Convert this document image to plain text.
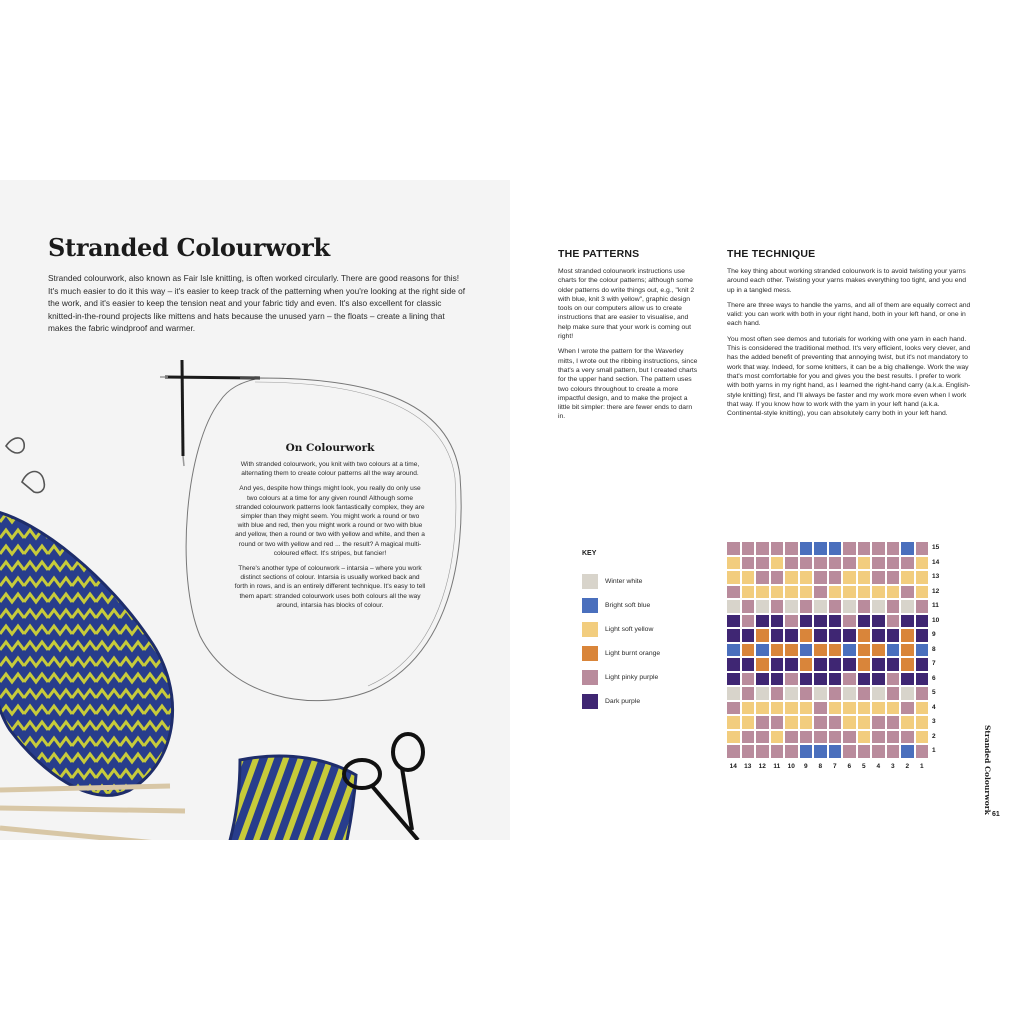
Stranded Colourwork

Stranded colourwork, also known as Fair Isle knitting, is often worked circularly. There are good reasons for this! It's much easier to do it this way – it's easier to keep track of the patterning when you're looking at the right side of the work, and it's easier to keep the tension neat and your fabric tidy and even. It's also excellent for classic knitted-in-the-round projects like mittens and hats because the unused yarn – the floats – create a lining that makes the fabric windproof and warmer.

On Colourwork

With stranded colourwork, you knit with two colours at a time, alternating them to create colour patterns all the way around.

And yes, despite how things might look, you really do only use two colours at a time for any given round! Although some stranded colourwork patterns look fantastically complex, they are simpler than they might seem. You might work a round or two with blue and red, then you might work a round or two with blue and yellow, then a round or two with yellow and white, and then a round or two with yellow and red ... the result? A magical multi-coloured effect. It's stripes, but fancier!

There's another type of colourwork – intarsia – where you work distinct sections of colour. Intarsia is usually worked back and forth in rows, and is an entirely different technique. It's easy to tell them apart: stranded colourwork uses both colours all the way around, intarsia has blocks of colour.

THE PATTERNS

Most stranded colourwork instructions use charts for the colour patterns; although some older patterns do write things out, e.g., "knit 2 with blue, knit 3 with yellow", graphic design tools on our computers allow us to create instructions that are easier to visualise, and help make sure that your work is coming out right!

When I wrote the pattern for the Waverley mitts, I wrote out the ribbing instructions, since that's a very small pattern, but I created charts for the upper hand section. The pattern uses two colours throughout to create a more impactful design, and to make the project a little bit simpler: there are fewer ends to darn in.

THE TECHNIQUE

The key thing about working stranded colourwork is to avoid twisting your yarns around each other. Twisting your yarns makes everything too tight, and you end up in a tangled mess.

There are three ways to handle the yarns, and all of them are equally correct and valid: you can work with both in your right hand, both in your left hand, or one in each hand.

You most often see demos and tutorials for working with one yarn in each hand. This is considered the traditional method. It's very efficient, looks very clever, and has the added benefit of preventing that annoying twist, but it's not mandatory to work that way. Indeed, for some knitters, it can be a big challenge. Work the way that's most comfortable for you and gives you the best results. I prefer to work with both yarns in my right hand, as I learned the right-hand carry (a.k.a. English-style knitting) first, and I'll always be faster and my work more even when I work that way. If you know how to work with the yarn in your left hand (a.k.a. Continental-style knitting), you can absolutely carry both in your left hand.

KEY
Winter white
Bright soft blue
Light soft yellow
Light burnt orange
Light pinky purple
Dark purple
15
14
13
12
11
10
9
8
7
6
5
4
3
2
1
14	13	12	11	10	9	8	7	6	5	4	3	2	1	Stranded Colourwork 61
